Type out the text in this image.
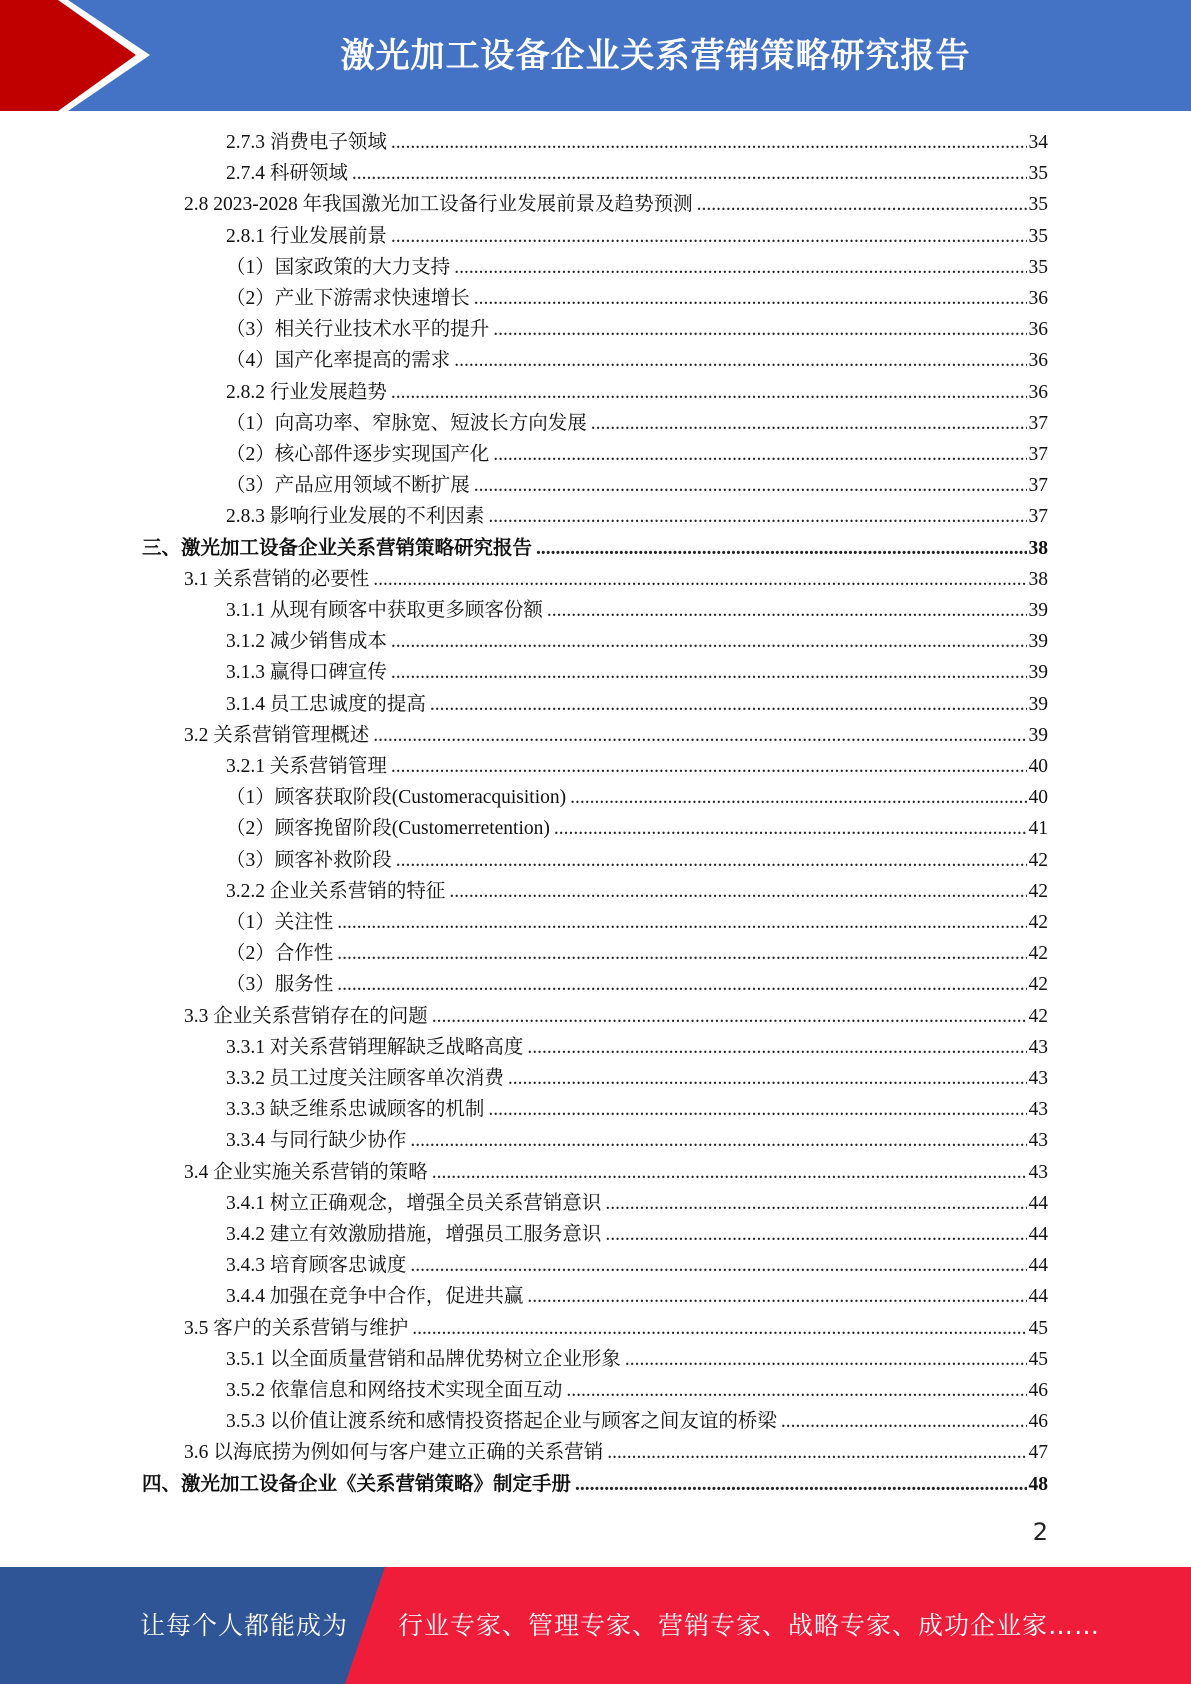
激光加工设备企业关系营销策略研究报告
2.7.3 消费电子领域 .....	34
2.7.4 科研领域 .....	35
2.8 2023-2028 年我国激光加工设备行业发展前景及趋势预测 .....	35
2.8.1 行业发展前景 .....	35
（1）国家政策的大力支持 .....	35
（2）产业下游需求快速增长 .....	36
（3）相关行业技术水平的提升 .....	36
（4）国产化率提高的需求 .....	36
2.8.2 行业发展趋势 .....	36
（1）向高功率、窄脉宽、短波长方向发展 .....	37
（2）核心部件逐步实现国产化 .....	37
（3）产品应用领域不断扩展 .....	37
2.8.3 影响行业发展的不利因素 .....	37
三、激光加工设备企业关系营销策略研究报告 .....	38
3.1 关系营销的必要性 .....	38
3.1.1 从现有顾客中获取更多顾客份额 .....	39
3.1.2 减少销售成本 .....	39
3.1.3 赢得口碑宣传 .....	39
3.1.4 员工忠诚度的提高 .....	39
3.2 关系营销管理概述 .....	39
3.2.1 关系营销管理 .....	40
（1）顾客获取阶段(Customeracquisition) .....	40
（2）顾客挽留阶段(Customerretention) .....	41
（3）顾客补救阶段 .....	42
3.2.2 企业关系营销的特征 .....	42
（1）关注性 .....	42
（2）合作性 .....	42
（3）服务性 .....	42
3.3 企业关系营销存在的问题 .....	42
3.3.1 对关系营销理解缺乏战略高度 .....	43
3.3.2 员工过度关注顾客单次消费 .....	43
3.3.3 缺乏维系忠诚顾客的机制 .....	43
3.3.4 与同行缺少协作 .....	43
3.4 企业实施关系营销的策略 .....	43
3.4.1 树立正确观念，增强全员关系营销意识 .....	44
3.4.2 建立有效激励措施，增强员工服务意识 .....	44
3.4.3 培育顾客忠诚度 .....	44
3.4.4 加强在竞争中合作，促进共赢 .....	44
3.5 客户的关系营销与维护 .....	45
3.5.1 以全面质量营销和品牌优势树立企业形象 .....	45
3.5.2 依靠信息和网络技术实现全面互动 .....	46
3.5.3 以价值让渡系统和感情投资搭起企业与顾客之间友谊的桥梁 .....	46
3.6 以海底捞为例如何与客户建立正确的关系营销 .....	47
四、激光加工设备企业《关系营销策略》制定手册 .....	48
2
让每个人都能成为 行业专家、管理专家、营销专家、战略专家、成功企业家……
